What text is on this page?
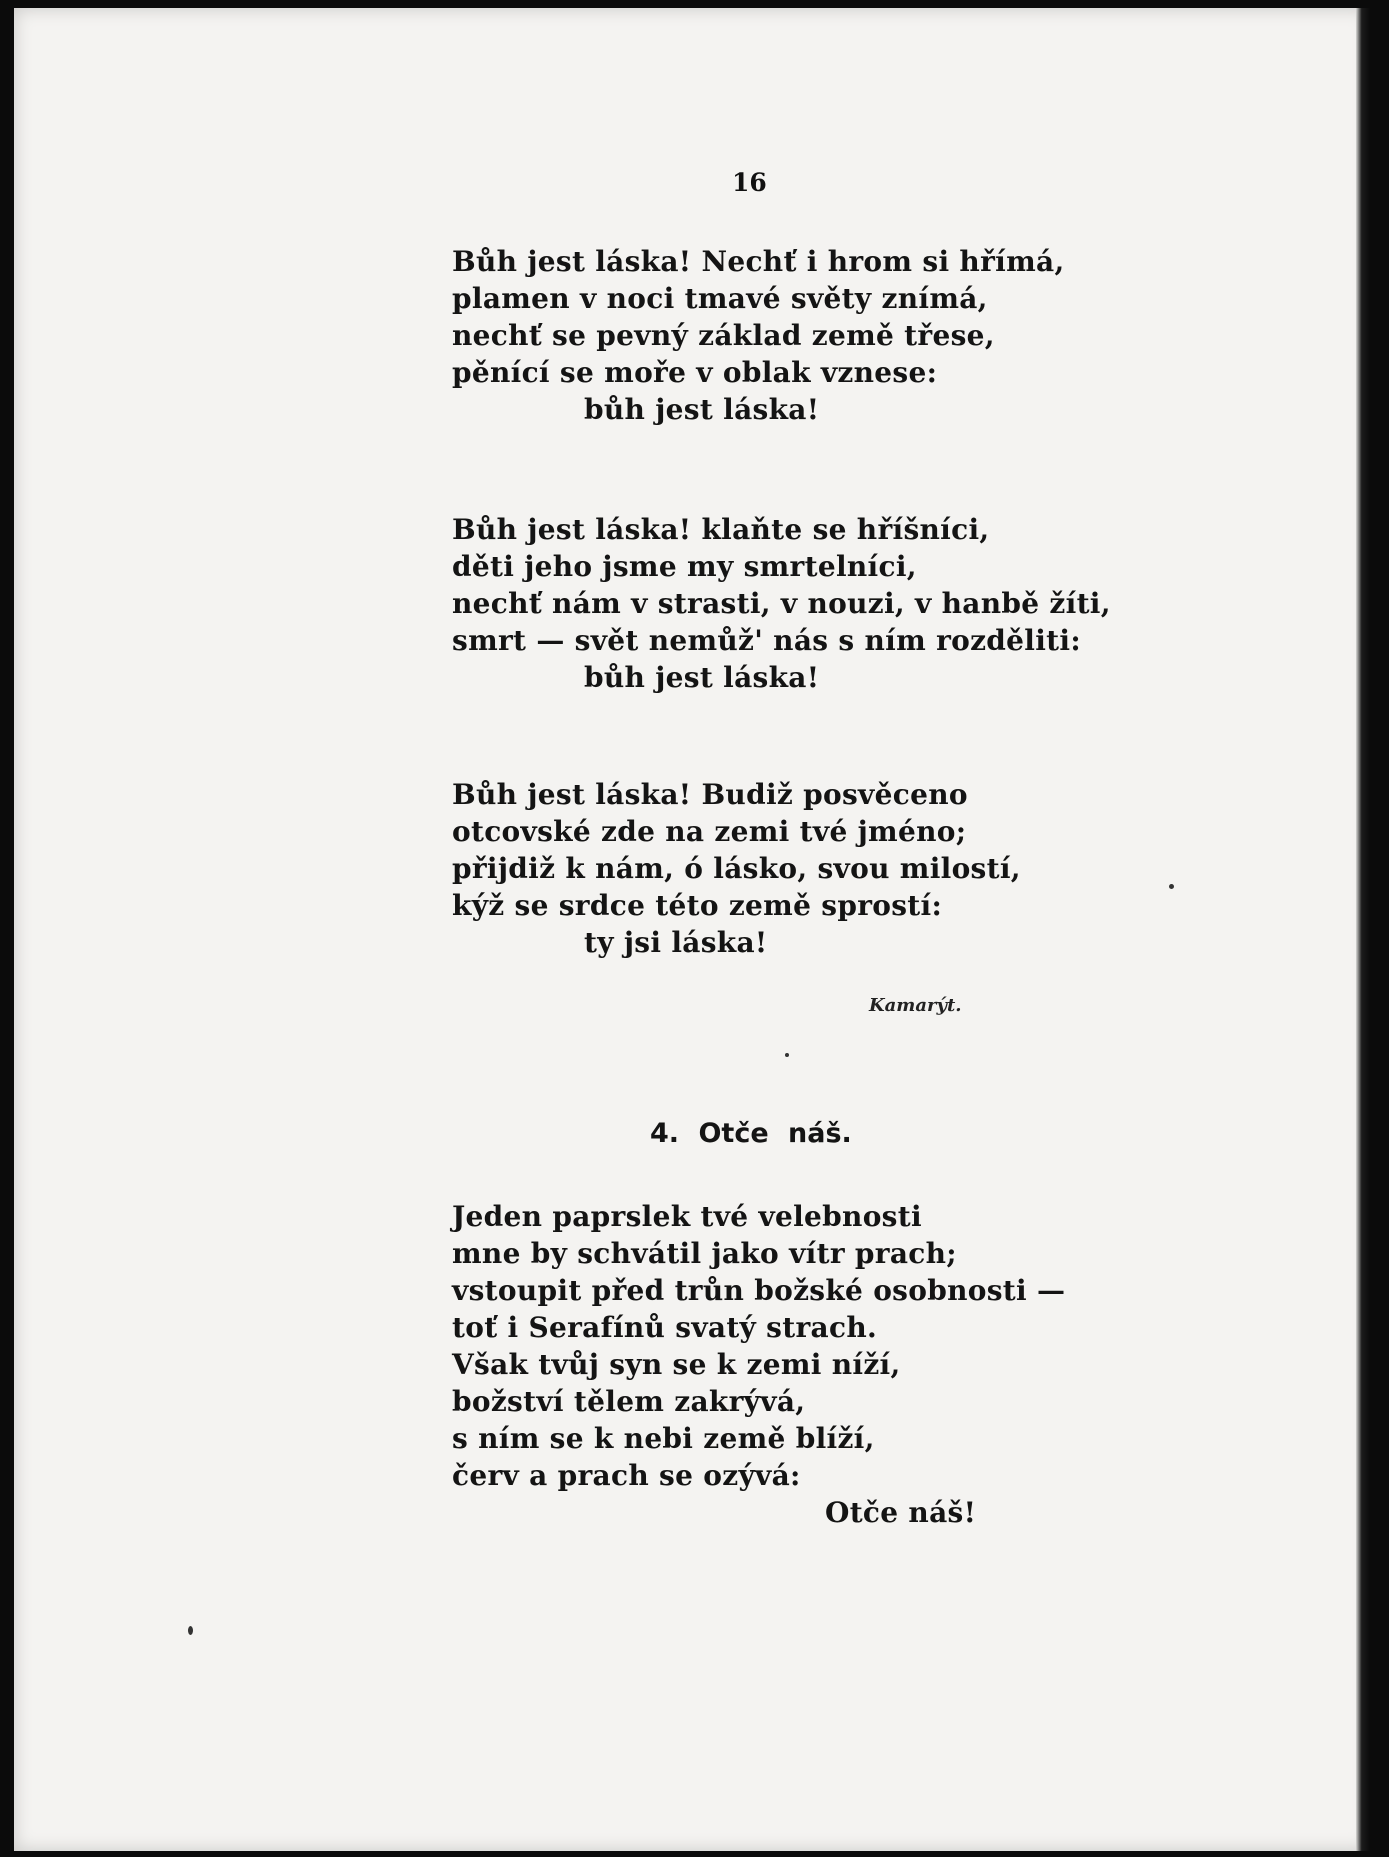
16
Bůh jest láska! Nechť i hrom si hřímá,
plamen v noci tmavé světy znímá,
nechť se pevný základ země třese,
pěnící se moře v oblak vznese:
bůh jest láska!
Bůh jest láska! klaňte se hříšníci,
děti jeho jsme my smrtelníci,
nechť nám v strasti, v nouzi, v hanbě žíti,
smrt — svět nemůž' nás s ním rozděliti:
bůh jest láska!
Bůh jest láska! Budiž posvěceno
otcovské zde na zemi tvé jméno;
přijdiž k nám, ó lásko, svou milostí,
kýž se srdce této země sprostí:
ty jsi láska!
Kamarýt.
4. Otče náš.
Jeden paprslek tvé velebnosti
mne by schvátil jako vítr prach;
vstoupit před trůn božské osobnosti —
toť i Serafínů svatý strach.
Však tvůj syn se k zemi níží,
božství tělem zakrývá,
s ním se k nebi země blíží,
červ a prach se ozývá:
Otče náš!
